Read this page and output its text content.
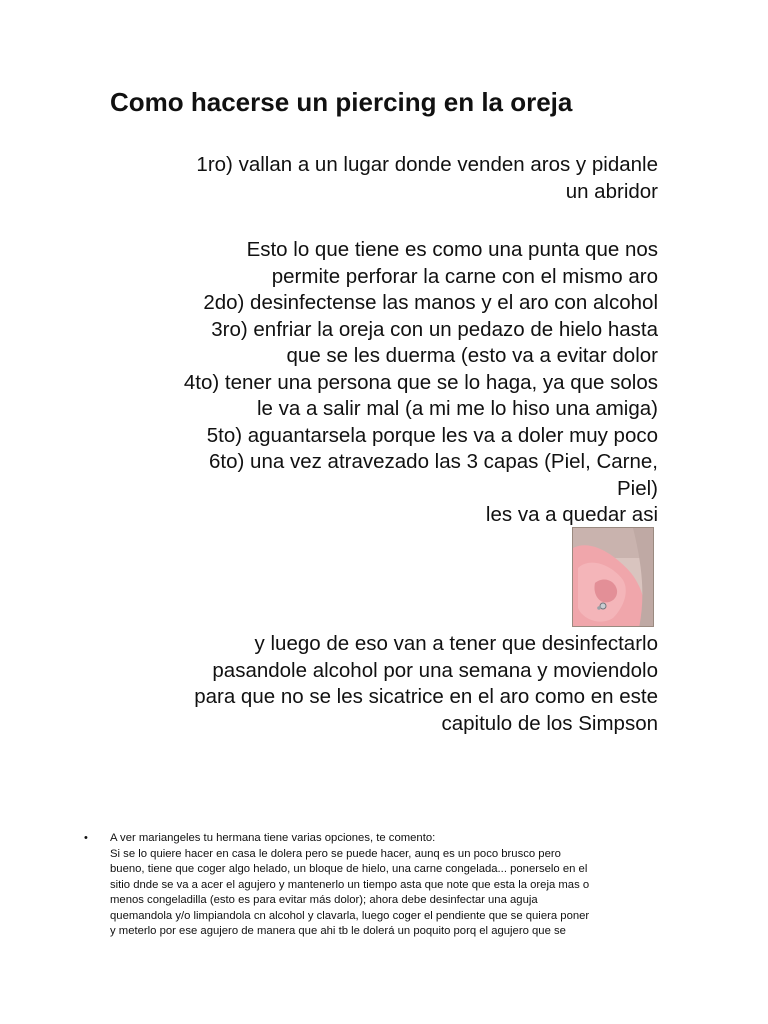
Como hacerse un piercing en la oreja

1ro) vallan a un lugar donde venden aros y pidanle

un abridor

Esto lo que tiene es como una punta que nos

permite perforar la carne con el mismo aro

2do) desinfectense las manos y el aro con alcohol

3ro) enfriar la oreja con un pedazo de hielo hasta

que se les duerma (esto va a evitar dolor

4to) tener una persona que se lo haga, ya que solos

le va a salir mal (a mi me lo hiso una amiga)

5to) aguantarsela porque les va a doler muy poco

6to) una vez atravezado las 3 capas (Piel, Carne,

Piel)

les va a quedar asi

y luego de eso van a tener que desinfectarlo

pasandole alcohol por una semana y moviendolo

para que no se les sicatrice en el aro como en este

capitulo de los Simpson

• A ver mariangeles tu hermana tiene varias opciones, te comento:

Si se lo quiere hacer en casa le dolera pero se puede hacer, aunq es un poco brusco pero

bueno, tiene que coger algo helado, un bloque de hielo, una carne congelada... ponerselo en el

sitio dnde se va a acer el agujero y mantenerlo un tiempo asta que note que esta la oreja mas o

menos congeladilla (esto es para evitar más dolor); ahora debe desinfectar una aguja

quemandola y/o limpiandola cn alcohol y clavarla, luego coger el pendiente que se quiera poner

y meterlo por ese agujero de manera que ahi tb le dolerá un poquito porq el agujero que se
